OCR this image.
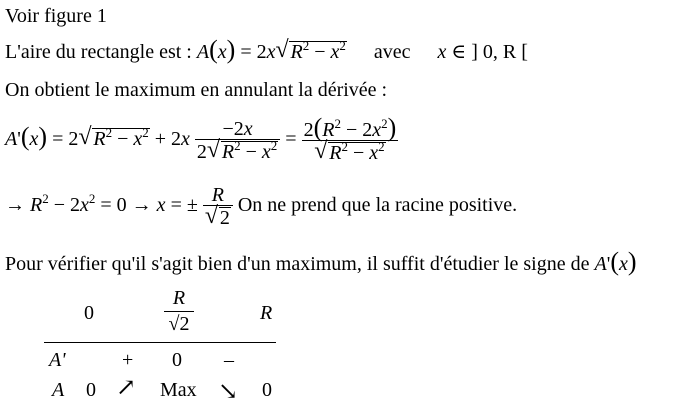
Voir figure 1
L'aire du rectangle est : A(x) = 2x √ $R^2 - x^2$ avec x ∈ ] 0, R [
On obtient le maximum en annulant la dérivée :
A'(x) = 2 √ $R^2 - x^2 + 2x \frac{-2x}{2 √ R^2 - x^2} = \frac{2(R^2 - 2x^2)}{√ R^2 - x^2}$
→ $R^2 - 2x^2 = 0 \to x$ = ± $\frac{R}{√ 2}$ On ne prend que la racine positive.
Pour vérifier qu'il s'agit bien d'un maximum, il suffit d'étudier le signe de A'(x)
0
R
√2	R
A'	+ 0 –
A 0 ↗ Max ↘ 0
